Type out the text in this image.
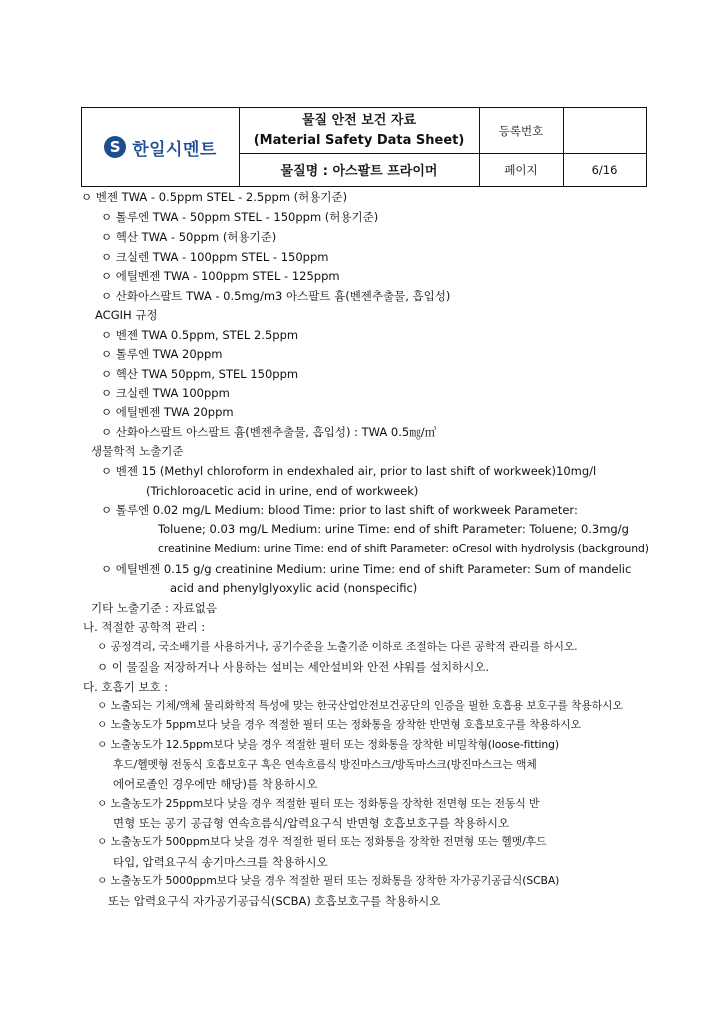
S 한일시멘트
물질 안전 보건 자료
(Material Safety Data Sheet)
물질명 : 아스팔트 프라이머
등록번호
페이지	6/16
ㅇ 벤젠 TWA - 0.5ppm STEL - 2.5ppm (허용기준)
ㅇ 톨루엔 TWA - 50ppm STEL - 150ppm (허용기준)
ㅇ 헥산 TWA - 50ppm (허용기준)
ㅇ 크실렌 TWA - 100ppm STEL - 150ppm
ㅇ 에틸벤젠 TWA - 100ppm STEL - 125ppm
ㅇ 산화아스팔트 TWA - 0.5mg/m3 아스팔트 흄(벤젠추출물, 흡입성)
ACGIH 규정
ㅇ 벤젠 TWA 0.5ppm, STEL 2.5ppm
ㅇ 톨루엔 TWA 20ppm
ㅇ 헥산 TWA 50ppm, STEL 150ppm
ㅇ 크실렌 TWA 100ppm
ㅇ 에틸벤젠 TWA 20ppm
ㅇ 산화아스팔트 아스팔트 흄(벤젠추출물, 흡입성) : TWA 0.5㎎/㎥
생물학적 노출기준
ㅇ 벤젠 15 (Methyl chloroform in endexhaled air, prior to last shift of workweek)10mg/l
(Trichloroacetic acid in urine, end of workweek)
ㅇ 톨루엔 0.02 mg/L Medium: blood Time: prior to last shift of workweek Parameter:
Toluene; 0.03 mg/L Medium: urine Time: end of shift Parameter: Toluene; 0.3mg/g
creatinine Medium: urine Time: end of shift Parameter: oCresol with hydrolysis (background)
ㅇ 에틸벤젠 0.15 g/g creatinine Medium: urine Time: end of shift Parameter: Sum of mandelic
acid and phenylglyoxylic acid (nonspecific)
기타 노출기준 : 자료없음
나. 적절한 공학적 관리 :
ㅇ 공정격리, 국소배기를 사용하거나, 공기수준을 노출기준 이하로 조절하는 다른 공학적 관리를 하시오.
ㅇ 이 물질을 저장하거나 사용하는 설비는 세안설비와 안전 샤워를 설치하시오.
다. 호흡기 보호 :
ㅇ 노출되는 기체/액체 물리화학적 특성에 맞는 한국산업안전보건공단의 인증을 필한 호흡용 보호구를 착용하시오
ㅇ 노출농도가 5ppm보다 낮을 경우 적절한 필터 또는 정화통을 장착한 반면형 호흡보호구를 착용하시오
ㅇ 노출농도가 12.5ppm보다 낮을 경우 적절한 필터 또는 정화통을 장착한 비밀착형(loose-fitting)
후드/헬멧형 전동식 호흡보호구 혹은 연속흐름식 방진마스크/방독마스크(방진마스크는 액체
에어로졸인 경우에만 해당)를 착용하시오
ㅇ 노출농도가 25ppm보다 낮을 경우 적절한 필터 또는 정화통을 장착한 전면형 또는 전동식 반
면형 또는 공기 공급형 연속흐름식/압력요구식 반면형 호흡보호구를 착용하시오
ㅇ 노출농도가 500ppm보다 낮을 경우 적절한 필터 또는 정화통을 장착한 전면형 또는 헬멧/후드
타입, 압력요구식 송기마스크를 착용하시오
ㅇ 노출농도가 5000ppm보다 낮을 경우 적절한 필터 또는 정화통을 장착한 자가공기공급식(SCBA)
또는 압력요구식 자가공기공급식(SCBA) 호흡보호구를 착용하시오
